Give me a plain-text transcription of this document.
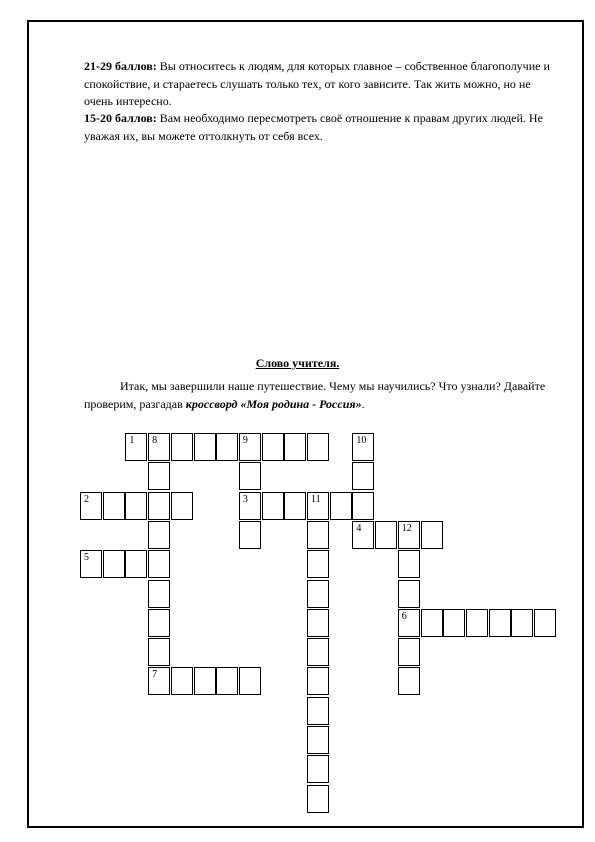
21-29 баллов: Вы относитесь к людям, для которых главное – собственное благополучие и спокойствие, и стараетесь слушать только тех, от кого зависите. Так жить можно, но не очень интересно.
15-20 баллов: Вам необходимо пересмотреть своё отношение к правам других людей. Не уважая их, вы можете оттолкнуть от себя всех.
Слово учителя.
Итак, мы завершили наше путешествие. Чему мы научились? Что узнали? Давайте проверим, разгадав кроссворд «Моя родина - Россия».
1 8	9
2	3	11
4	12
5
6
7
10
